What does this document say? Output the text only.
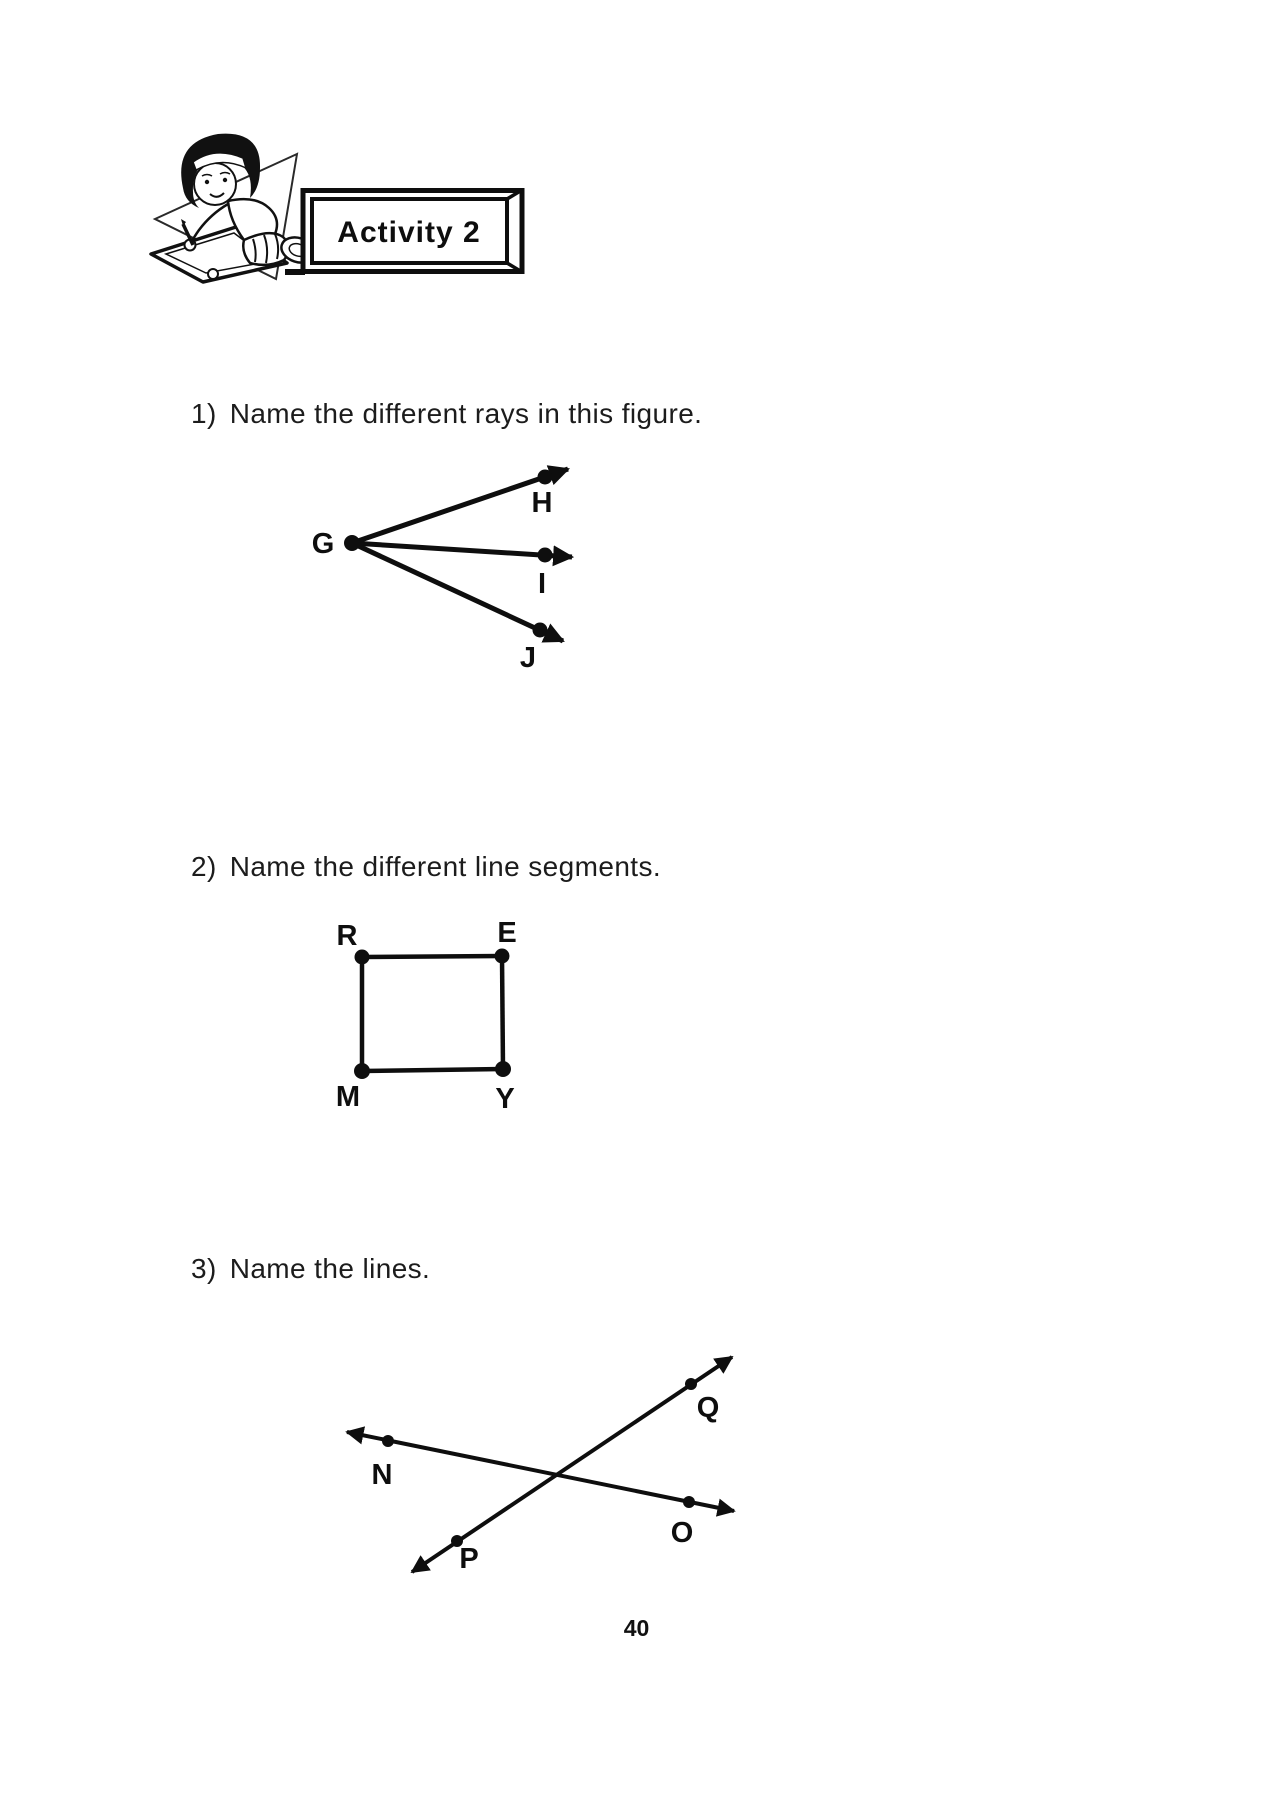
Activity 2
1) Name the different rays in this figure.
G
H
I
J
2) Name the different line segments.
R	E
M	Y
3) Name the lines.
N
O
P
Q
40
